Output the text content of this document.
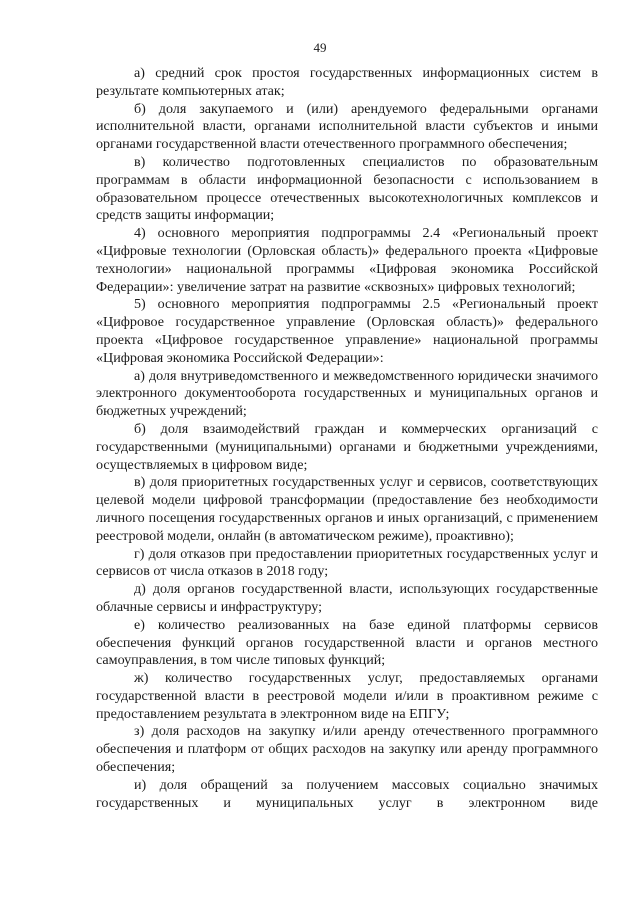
49

а) средний срок простоя государственных информационных систем в результате компьютерных атак;

б) доля закупаемого и (или) арендуемого федеральными органами исполнительной власти, органами исполнительной власти субъектов и иными органами государственной власти отечественного программного обеспечения;

в) количество подготовленных специалистов по образовательным программам в области информационной безопасности с использованием в образовательном процессе отечественных высокотехнологичных комплексов и средств защиты информации;

4) основного мероприятия подпрограммы 2.4 «Региональный проект «Цифровые технологии (Орловская область)» федерального проекта «Цифровые технологии» национальной программы «Цифровая экономика Российской Федерации»: увеличение затрат на развитие «сквозных» цифровых технологий;

5) основного мероприятия подпрограммы 2.5 «Региональный проект «Цифровое государственное управление (Орловская область)» федерального проекта «Цифровое государственное управление» национальной программы «Цифровая экономика Российской Федерации»:

а) доля внутриведомственного и межведомственного юридически значимого электронного документооборота государственных и муниципальных органов и бюджетных учреждений;

б) доля взаимодействий граждан и коммерческих организаций с государственными (муниципальными) органами и бюджетными учреждениями, осуществляемых в цифровом виде;

в) доля приоритетных государственных услуг и сервисов, соответствующих целевой модели цифровой трансформации (предоставление без необходимости личного посещения государственных органов и иных организаций, с применением реестровой модели, онлайн (в автоматическом режиме), проактивно);

г) доля отказов при предоставлении приоритетных государственных услуг и сервисов от числа отказов в 2018 году;

д) доля органов государственной власти, использующих государственные облачные сервисы и инфраструктуру;

е) количество реализованных на базе единой платформы сервисов обеспечения функций органов государственной власти и органов местного самоуправления, в том числе типовых функций;

ж) количество государственных услуг, предоставляемых органами государственной власти в реестровой модели и/или в проактивном режиме с предоставлением результата в электронном виде на ЕПГУ;

з) доля расходов на закупку и/или аренду отечественного программного обеспечения и платформ от общих расходов на закупку или аренду программного обеспечения;

и) доля обращений за получением массовых социально значимых государственных и муниципальных услуг в электронном виде
